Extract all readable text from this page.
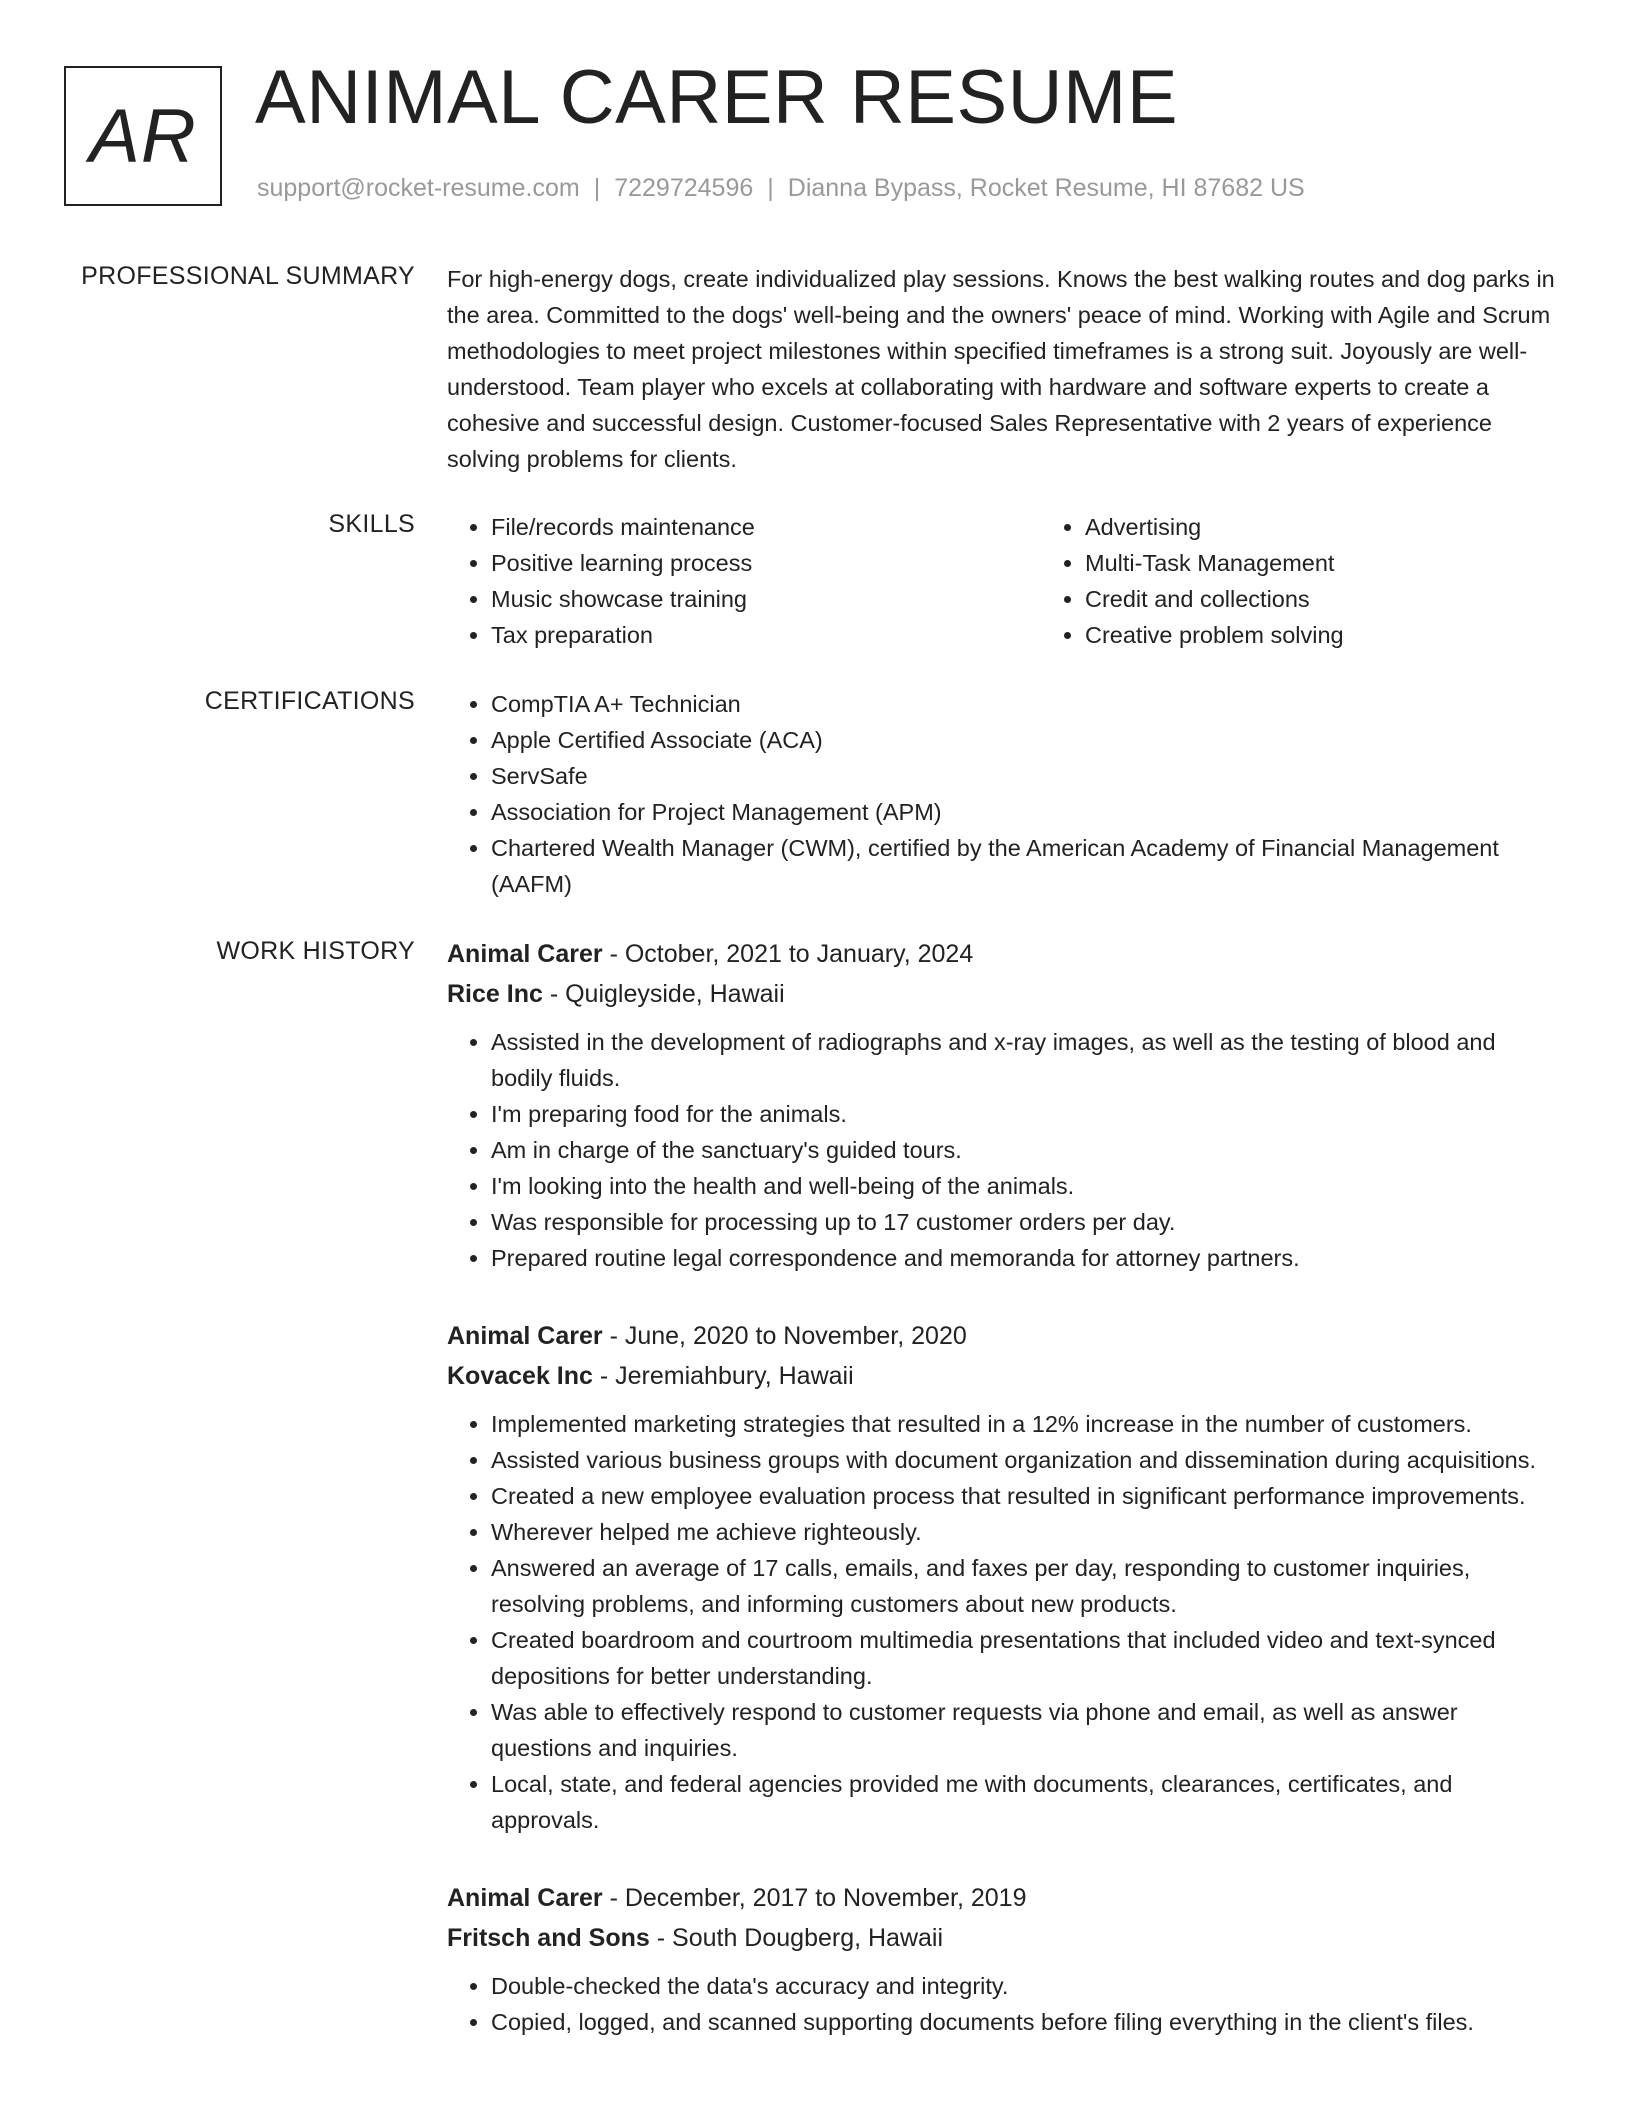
AR ANIMAL CARER RESUME
support@rocket-resume.com | 7229724596 | Dianna Bypass, Rocket Resume, HI 87682 US
PROFESSIONAL SUMMARY For high-energy dogs, create individualized play sessions. Knows the best walking routes and dog parks in the area. Committed to the dogs' well-being and the owners' peace of mind. Working with Agile and Scrum methodologies to meet project milestones within specified timeframes is a strong suit. Joyously are well-understood. Team player who excels at collaborating with hardware and software experts to create a cohesive and successful design. Customer-focused Sales Representative with 2 years of experience solving problems for clients.

SKILLS	• File/records maintenance
• Positive learning process
• Music showcase training
• Tax preparation
• Advertising
• Multi-Task Management
• Credit and collections
• Creative problem solving
CERTIFICATIONS	• CompTIA A+ Technician
• Apple Certified Associate (ACA)
• ServSafe
• Association for Project Management (APM)
• Chartered Wealth Manager (CWM), certified by the American Academy of Financial Management (AAFM)
WORK HISTORY Animal Carer - October, 2021 to January, 2024
Rice Inc - Quigleyside, Hawaii
• Assisted in the development of radiographs and x-ray images, as well as the testing of blood and bodily fluids.
• I'm preparing food for the animals.
• Am in charge of the sanctuary's guided tours.
• I'm looking into the health and well-being of the animals.
• Was responsible for processing up to 17 customer orders per day.
• Prepared routine legal correspondence and memoranda for attorney partners.
Animal Carer - June, 2020 to November, 2020
Kovacek Inc - Jeremiahbury, Hawaii
• Implemented marketing strategies that resulted in a 12% increase in the number of customers.
• Assisted various business groups with document organization and dissemination during acquisitions.
• Created a new employee evaluation process that resulted in significant performance improvements.
• Wherever helped me achieve righteously.
• Answered an average of 17 calls, emails, and faxes per day, responding to customer inquiries, resolving problems, and informing customers about new products.
• Created boardroom and courtroom multimedia presentations that included video and text-synced depositions for better understanding.
• Was able to effectively respond to customer requests via phone and email, as well as answer questions and inquiries.
• Local, state, and federal agencies provided me with documents, clearances, certificates, and approvals.
Animal Carer - December, 2017 to November, 2019
Fritsch and Sons - South Dougberg, Hawaii
• Double-checked the data's accuracy and integrity.
• Copied, logged, and scanned supporting documents before filing everything in the client's files.
